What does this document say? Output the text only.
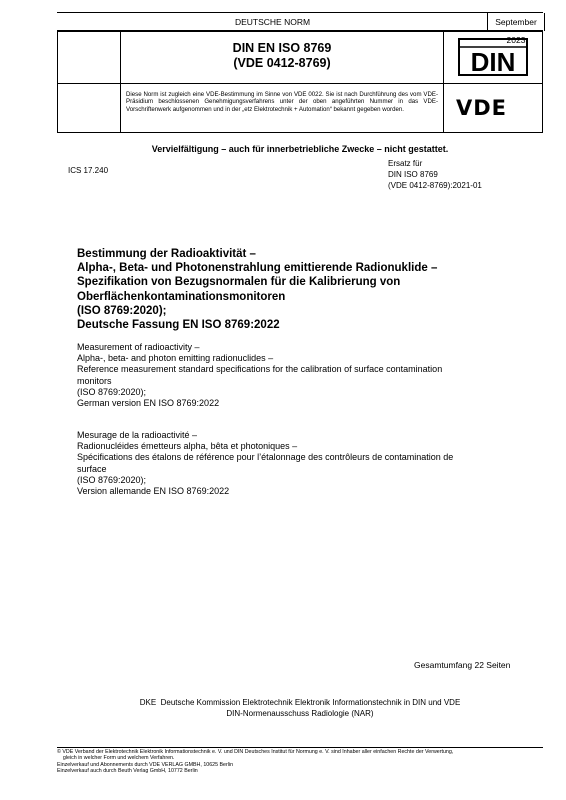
DEUTSCHE NORM	September 2023
DIN EN ISO 8769
(VDE 0412-8769)	DIN

Diese Norm ist zugleich eine VDE-Bestimmung im Sinne von VDE 0022. Sie ist nach Durchführung des vom VDE-Präsidium beschlossenen Genehmigungsverfahrens unter der oben angeführten Nummer in das VDE-Vorschriftenwerk aufgenommen und in der „etz Elektrotechnik + Automation“ bekannt gegeben worden.	VDE
Vervielfältigung – auch für innerbetriebliche Zwecke – nicht gestattet.
ICS 17.240
Ersatz für
DIN ISO 8769
(VDE 0412-8769):2021-01
Bestimmung der Radioaktivität –
Alpha-, Beta- und Photonenstrahlung emittierende Radionuklide –
Spezifikation von Bezugsnormalen für die Kalibrierung von
Oberflächenkontaminationsmonitoren
(ISO 8769:2020);
Deutsche Fassung EN ISO 8769:2022
Measurement of radioactivity –
Alpha-, beta- and photon emitting radionuclides –
Reference measurement standard specifications for the calibration of surface contamination
monitors
(ISO 8769:2020);
German version EN ISO 8769:2022
Mesurage de la radioactivité –
Radionucléides émetteurs alpha, bêta et photoniques –
Spécifications des étalons de référence pour l’étalonnage des contrôleurs de contamination de
surface
(ISO 8769:2020);
Version allemande EN ISO 8769:2022
Gesamtumfang 22 Seiten
DKE  Deutsche Kommission Elektrotechnik Elektronik Informationstechnik in DIN und VDE
DIN-Normenausschuss Radiologie (NAR)
© VDE Verband der Elektrotechnik Elektronik Informationstechnik e. V. und DIN Deutsches Institut für Normung e. V. sind Inhaber aller einfachen Rechte der Verwertung,
gleich in welcher Form und welchem Verfahren.
Einzelverkauf und Abonnements durch VDE VERLAG GMBH, 10625 Berlin
Einzelverkauf auch durch Beuth Verlag GmbH, 10772 Berlin
